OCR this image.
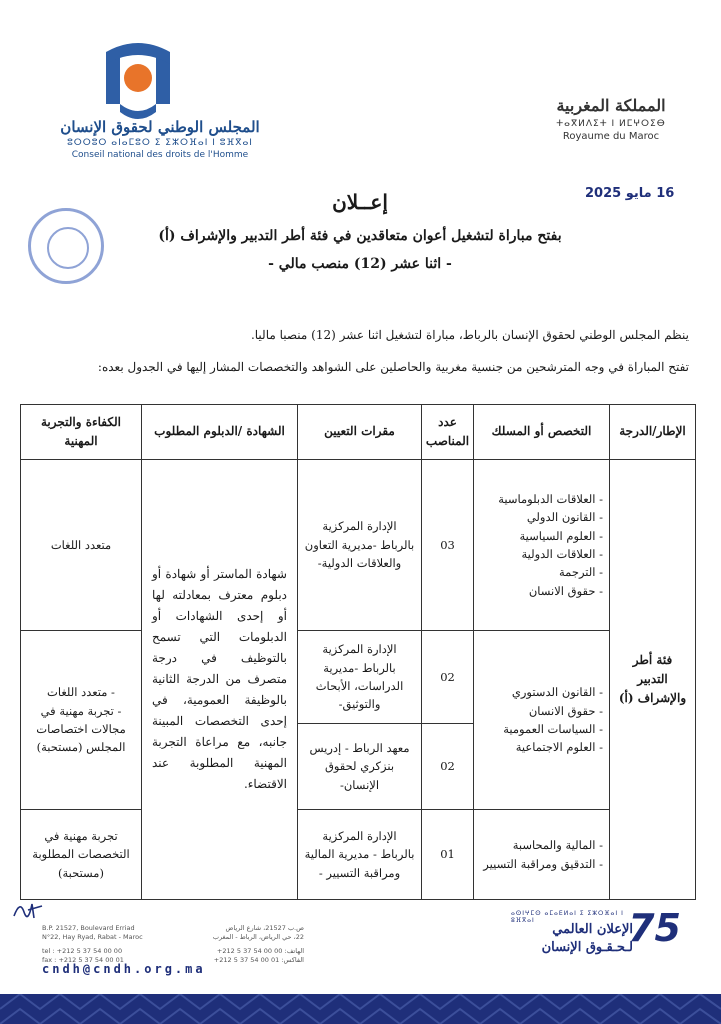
المجلس الوطني لحقوق الإنسان
ⵓⵔⵔⵓⵔ ⴰⵏⴰⵎⵓⵔ ⵉ ⵉⵣⵔⴼⴰⵏ ⵏ ⵓⴼⴳⴰⵏ
Conseil national des droits de l'Homme
المملكة المغربية
ⵜⴰⴳⵍⴷⵉⵜ ⵏ ⵍⵎⵖⵔⵉⴱ
Royaume du Maroc
16 مايو 2025
إعــلان
بفتح مباراة لتشغيل أعوان متعاقدين في فئة أطر التدبير والإشراف (أ)
- اثنا عشر (12) منصب مالي -
ينظم المجلس الوطني لحقوق الإنسان بالرباط، مباراة لتشغيل اثنا عشر (12) منصبا ماليا.
تفتح المباراة في وجه المترشحين من جنسية مغربية والحاصلين على الشواهد والتخصصات المشار إليها في الجدول بعده:
الإطار/الدرجة
التخصص أو المسلك
عدد المناصب
مقرات التعيين
الشهادة /الدبلوم المطلوب
الكفاءة والتجربة المهنية
فئة أطر التدبير والإشراف (أ)
- العلاقات الدبلوماسية
- القانون الدولي
- العلوم السياسية
- العلاقات الدولية
- الترجمة
- حقوق الانسان
- القانون الدستوري
- حقوق الانسان
- السياسات العمومية
- العلوم الاجتماعية
- المالية والمحاسبة
- التدقيق ومراقبة التسيير
03
02
02
01
الإدارة المركزية بالرباط -مديرية التعاون والعلاقات الدولية-
الإدارة المركزية بالرباط -مديرية الدراسات، الأبحاث والتوثيق-
معهد الرباط - إدريس بنزكري لحقوق الإنسان-
الإدارة المركزية بالرباط - مديرية المالية ومراقبة التسيير -
شهادة الماستر أو شهادة أو دبلوم معترف بمعادلته لها أو إحدى الشهادات أو الدبلومات التي تسمح بالتوظيف في درجة متصرف من الدرجة الثانية بالوظيفة العمومية، في إحدى التخصصات المبينة جانبه، مع مراعاة التجربة المهنية المطلوبة عند الاقتضاء.
متعدد اللغات
- متعدد اللغات
- تجربة مهنية في مجالات اختصاصات المجلس (مستحبة)
تجربة مهنية في التخصصات المطلوبة (مستحبة)
B.P. 21527, Boulevard Erriad
N°22, Hay Ryad, Rabat - Maroc
tel : +212 5 37 54 00 00
fax : +212 5 37 54 00 01
ص.ب 21527، شارع الرياض
22، حي الرياض، الرباط - المغرب
الهاتف: 00 00 54 37 5 212+
الفاكس: 01 00 54 37 5 212+
cndh@cndh.org.ma
ⴰⵙⵏⵖⵎⵙ ⴰⵎⴰⴹⵍⴰⵏ ⵉ ⵉⵣⵔⴼⴰⵏ ⵏ ⵓⴼⴳⴰⵏ
الإعلان العالمي
لـحـقـوق الإنسان
75
